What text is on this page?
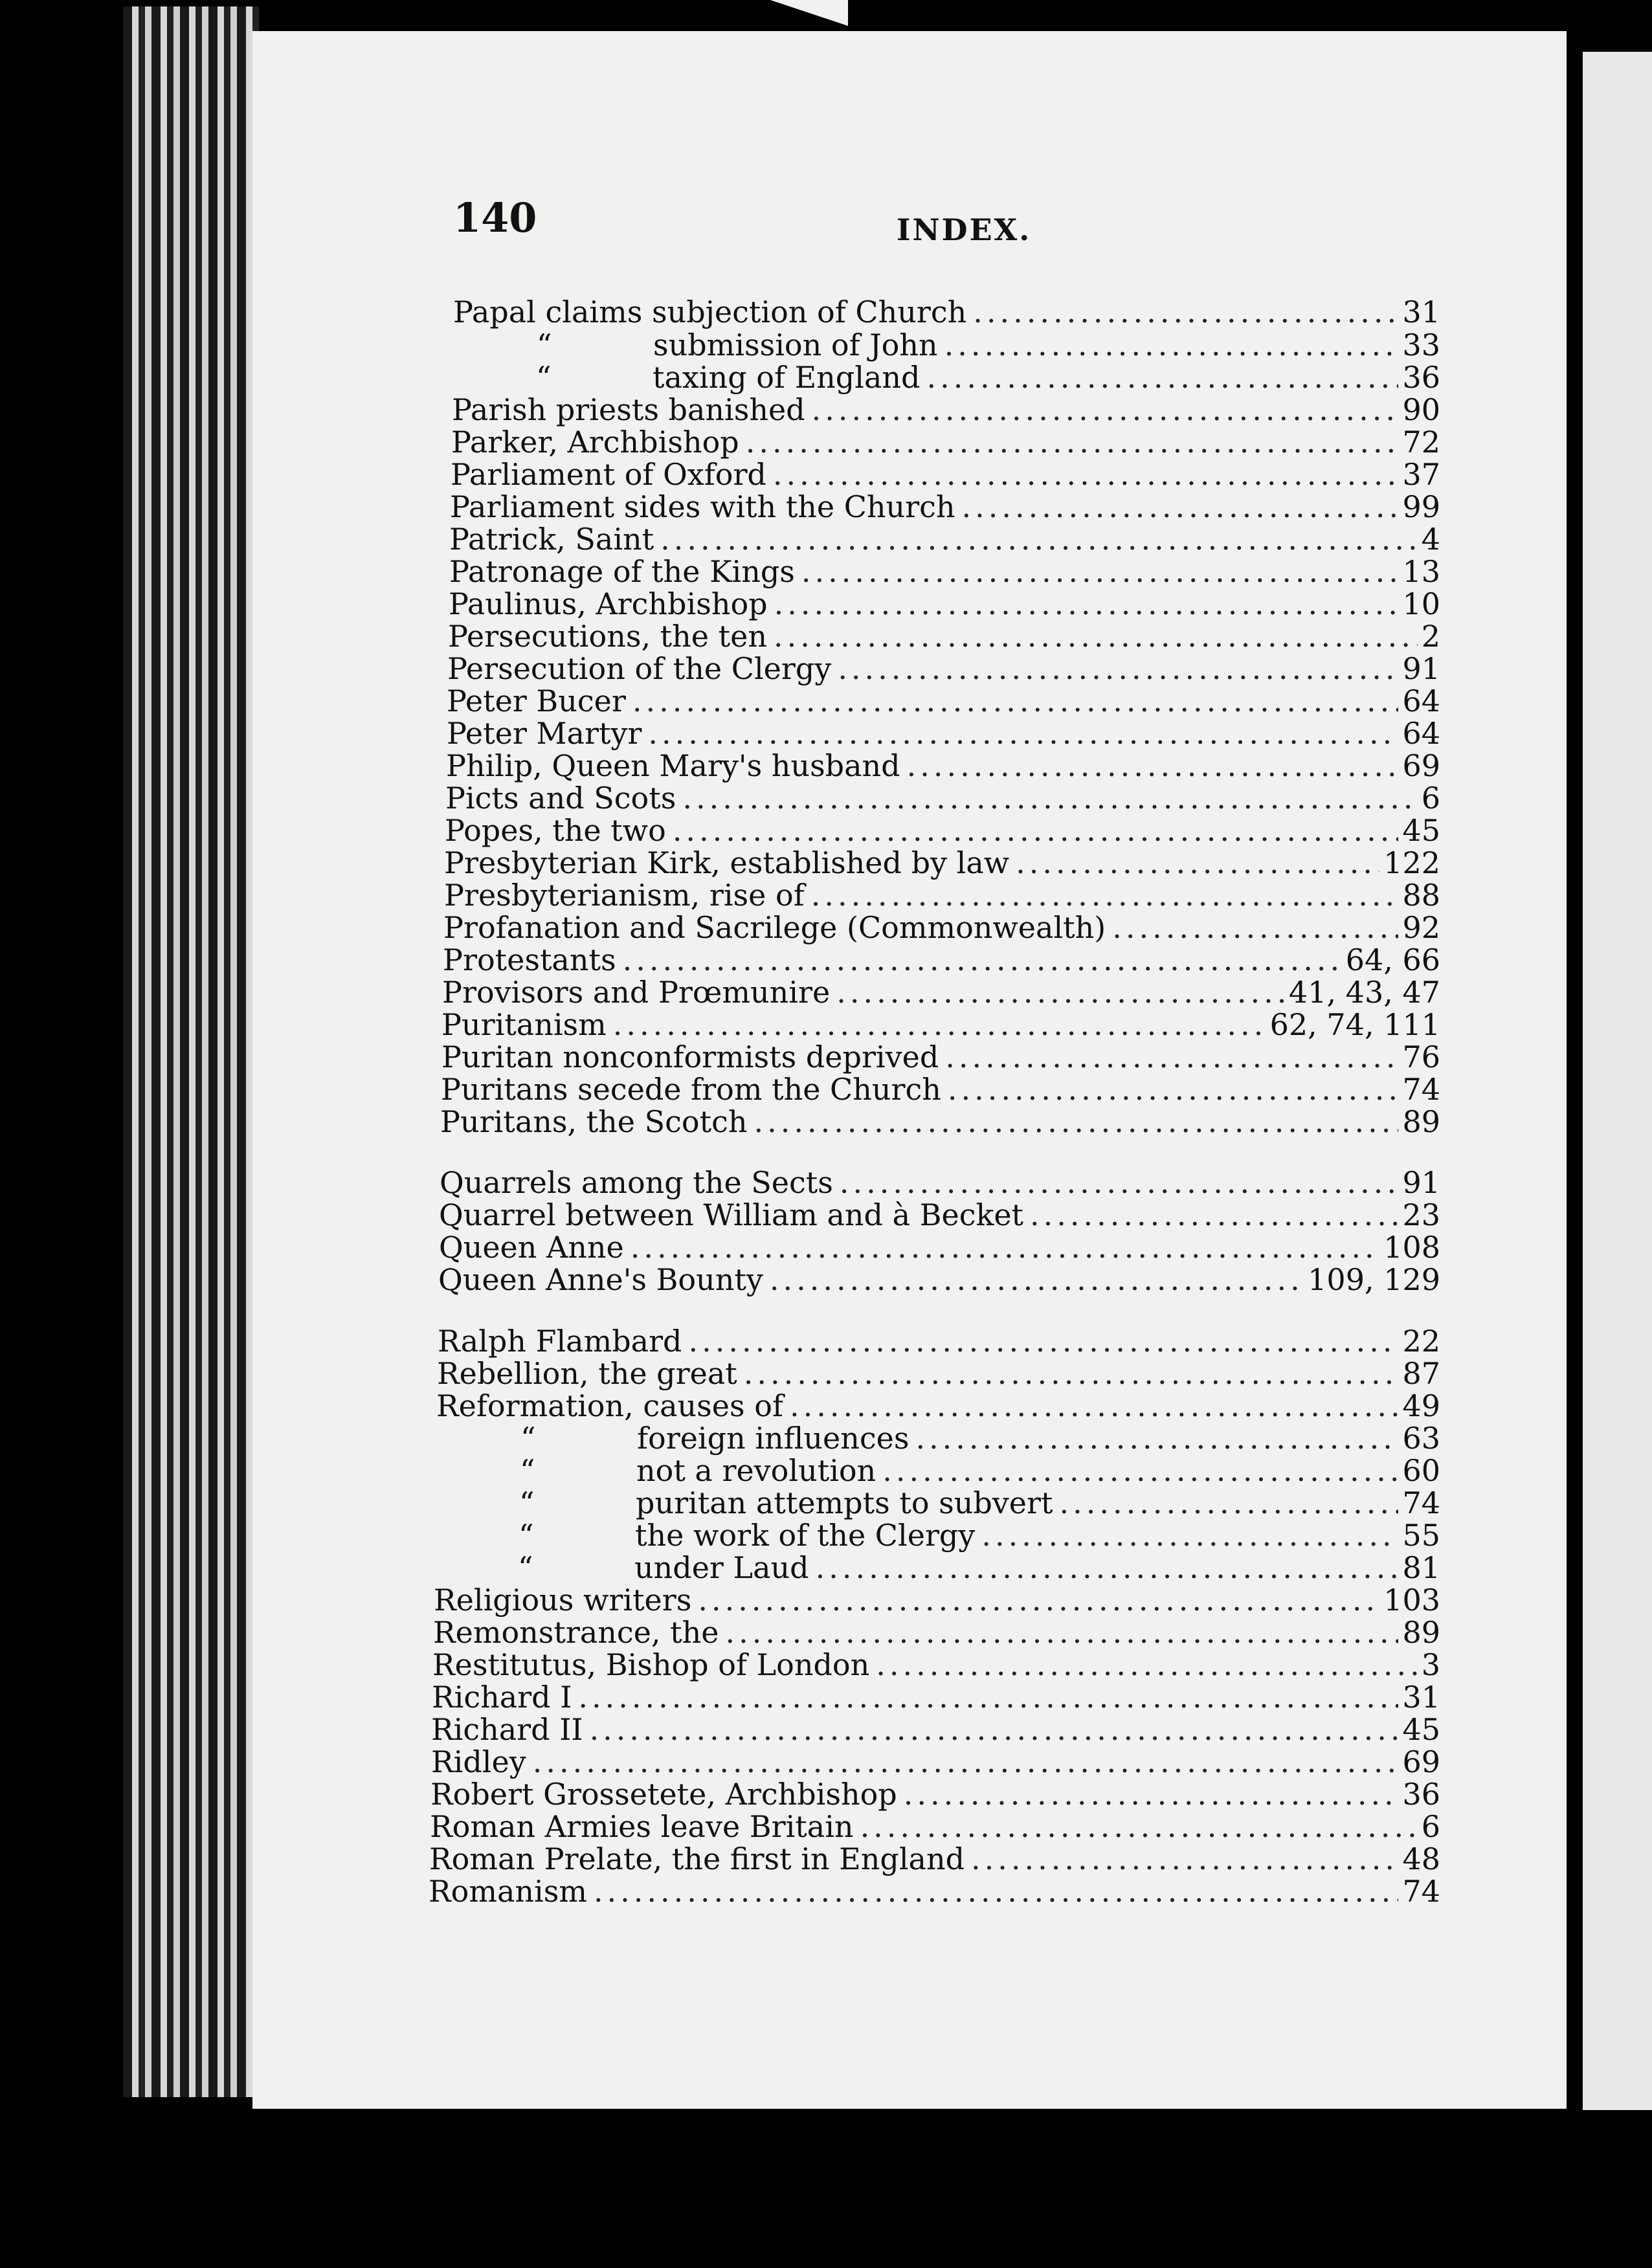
140	INDEX.
Papal claims subjection of Church .....	31
“	submission of John .....	33
“	taxing of England .....	36
Parish priests banished .....	90
Parker, Archbishop .....	72
Parliament of Oxford .....	37
Parliament sides with the Church .....	99
Patrick, Saint .....	4
Patronage of the Kings .....	13
Paulinus, Archbishop .....	10
Persecutions, the ten .....	2
Persecution of the Clergy .....	91
Peter Bucer .....	64
Peter Martyr .....	64
Philip, Queen Mary's husband .....	69
Picts and Scots .....	6
Popes, the two .....	45
Presbyterian Kirk, established by law .....	122
Presbyterianism, rise of .....	88
Profanation and Sacrilege (Commonwealth) .....	92
Protestants .....	64, 66
Provisors and Prœmunire .....	41, 43, 47
Puritanism .....	62, 74, 111
Puritan nonconformists deprived .....	76
Puritans secede from the Church .....	74
Puritans, the Scotch .....	89
Quarrels among the Sects .....	91
Quarrel between William and à Becket .....	23
Queen Anne .....	108
Queen Anne's Bounty .....	109, 129
Ralph Flambard .....	22
Rebellion, the great .....	87
Reformation, causes of .....	49
“	foreign influences .....	63
“	not a revolution .....	60
“	puritan attempts to subvert .....	74
“	the work of the Clergy .....	55
“	under Laud .....	81
Religious writers .....	103
Remonstrance, the .....	89
Restitutus, Bishop of London .....	3
Richard I .....	31
Richard II .....	45
Ridley .....	69
Robert Grossetete, Archbishop .....	36
Roman Armies leave Britain .....	6
Roman Prelate, the first in England .....	48
Romanism .....	74
